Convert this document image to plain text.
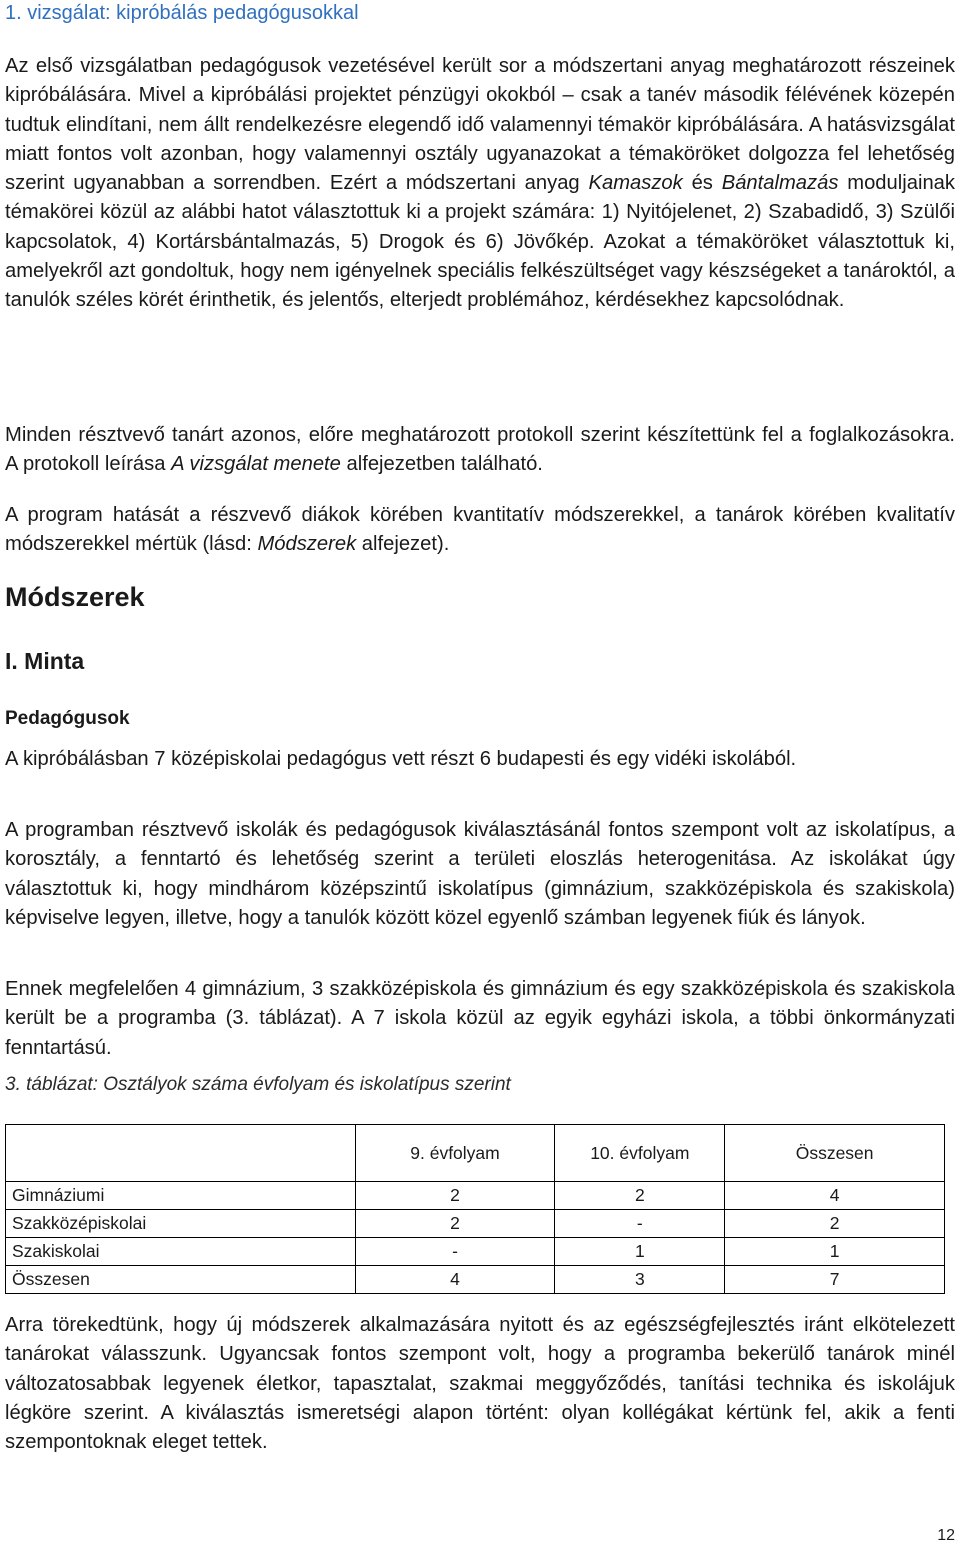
1. vizsgálat: kipróbálás pedagógusokkal

Az első vizsgálatban pedagógusok vezetésével került sor a módszertani anyag meghatározott részeinek kipróbálására. Mivel a kipróbálási projektet pénzügyi okokból – csak a tanév második félévének közepén tudtuk elindítani, nem állt rendelkezésre elegendő idő valamennyi témakör kipróbálására. A hatásvizsgálat miatt fontos volt azonban, hogy valamennyi osztály ugyanazokat a témaköröket dolgozza fel lehetőség szerint ugyanabban a sorrendben. Ezért a módszertani anyag Kamaszok és Bántalmazás moduljainak témakörei közül az alábbi hatot választottuk ki a projekt számára: 1) Nyitójelenet, 2) Szabadidő, 3) Szülői kapcsolatok, 4) Kortársbántalmazás, 5) Drogok és 6) Jövőkép. Azokat a témaköröket választottuk ki, amelyekről azt gondoltuk, hogy nem igényelnek speciális felkészültséget vagy készségeket a tanároktól, a tanulók széles körét érinthetik, és jelentős, elterjedt problémához, kérdésekhez kapcsolódnak.

Minden résztvevő tanárt azonos, előre meghatározott protokoll szerint készítettünk fel a foglalkozásokra. A protokoll leírása A vizsgálat menete alfejezetben található.

A program hatását a részvevő diákok körében kvantitatív módszerekkel, a tanárok körében kvalitatív módszerekkel mértük (lásd: Módszerek alfejezet).

Módszerek
I. Minta
Pedagógusok

A kipróbálásban 7 középiskolai pedagógus vett részt 6 budapesti és egy vidéki iskolából.

A programban résztvevő iskolák és pedagógusok kiválasztásánál fontos szempont volt az iskolatípus, a korosztály, a fenntartó és lehetőség szerint a területi eloszlás heterogenitása. Az iskolákat úgy választottuk ki, hogy mindhárom középszintű iskolatípus (gimnázium, szakközépiskola és szakiskola) képviselve legyen, illetve, hogy a tanulók között közel egyenlő számban legyenek fiúk és lányok.

Ennek megfelelően 4 gimnázium, 3 szakközépiskola és gimnázium és egy szakközépiskola és szakiskola került be a programba (3. táblázat). A 7 iskola közül az egyik egyházi iskola, a többi önkormányzati fenntartású.

3. táblázat: Osztályok száma évfolyam és iskolatípus szerint
	9. évfolyam	10. évfolyam	Összesen
Gimnáziumi	2	2	4
Szakközépiskolai	2	-	2
Szakiskolai	-	1	1
Összesen	4	3	7

Arra törekedtünk, hogy új módszerek alkalmazására nyitott és az egészségfejlesztés iránt elkötelezett tanárokat válasszunk. Ugyancsak fontos szempont volt, hogy a programba bekerülő tanárok minél változatosabbak legyenek életkor, tapasztalat, szakmai meggyőződés, tanítási technika és iskolájuk légköre szerint. A kiválasztás ismeretségi alapon történt: olyan kollégákat kértünk fel, akik a fenti szempontoknak eleget tettek.

12
